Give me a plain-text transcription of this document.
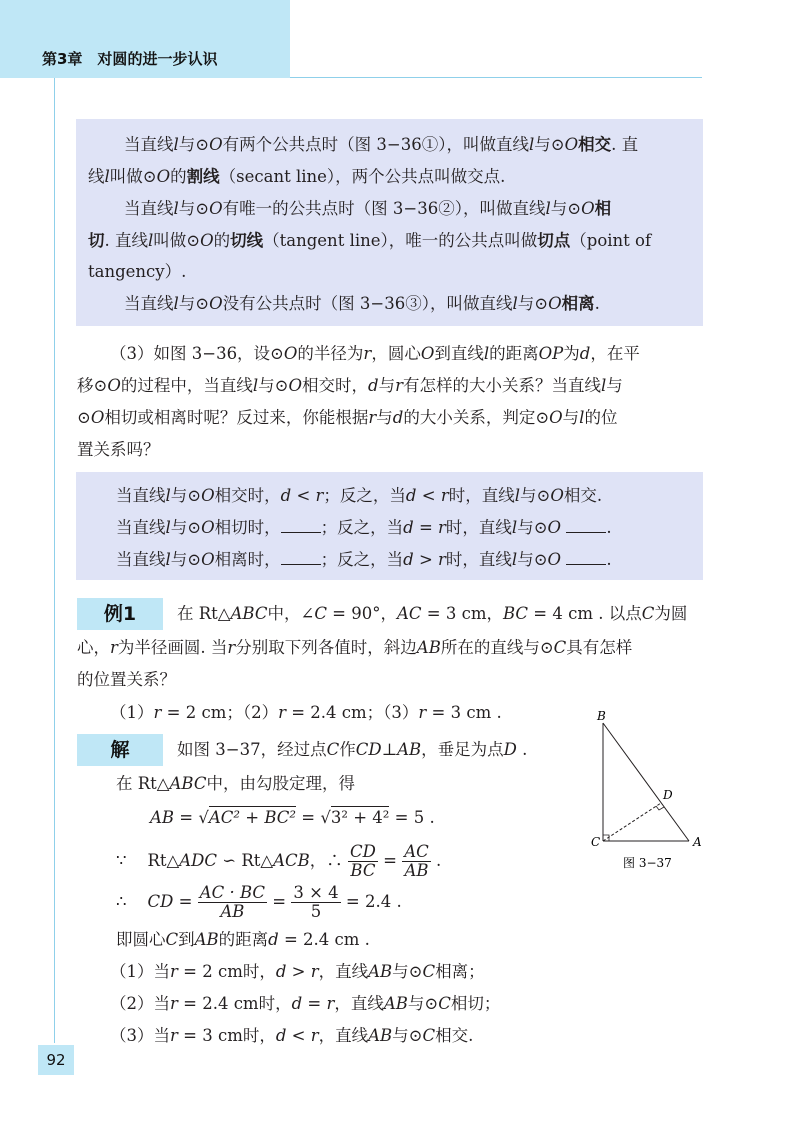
第3章　对圆的进一步认识
当直线l与⊙O有两个公共点时（图 3−36①），叫做直线l与⊙O相交. 直
线l叫做⊙O的割线（secant line），两个公共点叫做交点.
当直线l与⊙O有唯一的公共点时（图 3−36②），叫做直线l与⊙O相
切. 直线l叫做⊙O的切线（tangent line），唯一的公共点叫做切点（point of
tangency）.
当直线l与⊙O没有公共点时（图 3−36③），叫做直线l与⊙O相离.
（3）如图 3−36，设⊙O的半径为r，圆心O到直线l的距离OP为d，在平
移⊙O的过程中，当直线l与⊙O相交时，d与r有怎样的大小关系？当直线l与
⊙O相切或相离时呢？反过来，你能根据r与d的大小关系，判定⊙O与l的位
置关系吗？
当直线l与⊙O相交时，d < r；反之，当d < r时，直线l与⊙O相交.
当直线l与⊙O相切时， ；反之，当d = r时，直线l与⊙O	.
当直线l与⊙O相离时， ；反之，当d > r时，直线l与⊙O	.
例1	在 Rt△ABC中，∠C = 90°，AC = 3 cm，BC = 4 cm . 以点C为圆
心，r为半径画圆. 当r分别取下列各值时，斜边AB所在的直线与⊙C具有怎样
的位置关系？
（1）r = 2 cm；（2）r = 2.4 cm；（3）r = 3 cm .
解	如图 3−37，经过点C作CD⊥AB，垂足为点D .
在 Rt△ABC中，由勾股定理，得
AB = √AC² + BC² = √3² + 4² = 5 .
∵ Rt△ADC ∽ Rt△ACB，∴ $\frac{CD}{BC} = \frac{AC}{AB}$ .
∴ CD = $\frac{AC \cdot BC}{AB} = \frac{3 \times 4}{5} = 2.4$ .
即圆心C到AB的距离d = 2.4 cm .
（1）当r = 2 cm时，d > r，直线AB与⊙C相离；
（2）当r = 2.4 cm时，d = r，直线AB与⊙C相切；
（3）当r = 3 cm时，d < r，直线AB与⊙C相交.
B
C
D
A
图 3−37
92
